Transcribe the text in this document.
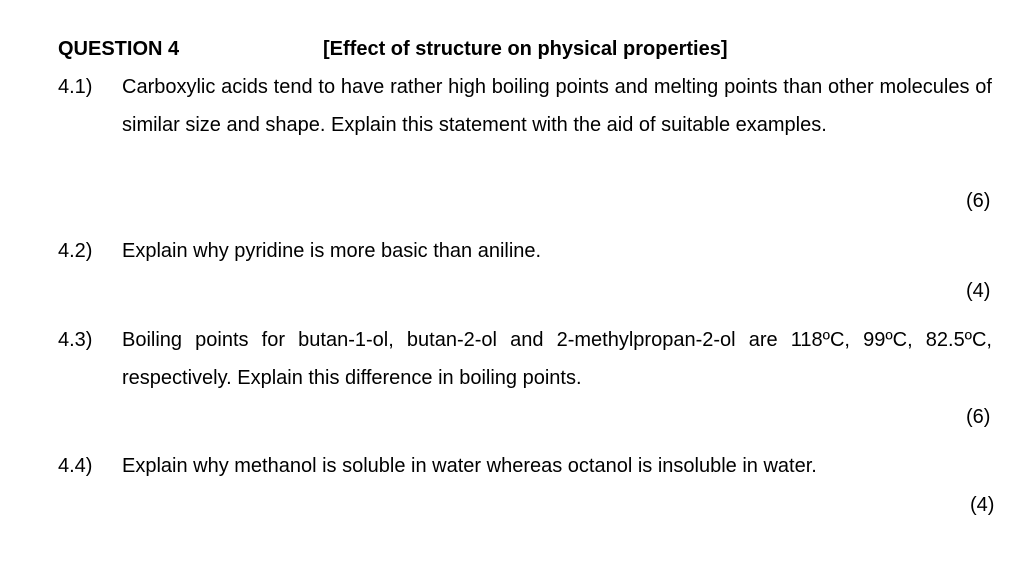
QUESTION 4	[Effect of structure on physical properties]
4.1) Carboxylic acids tend to have rather high boiling points and melting points than other molecules of similar size and shape. Explain this statement with the aid of suitable examples.

(6)
4.2) Explain why pyridine is more basic than aniline.

(4)
4.3) Boiling points for butan-1-ol, butan-2-ol and 2-methylpropan-2-ol are 118ºC, 99ºC, 82.5ºC, respectively. Explain this difference in boiling points.

(6)
4.4) Explain why methanol is soluble in water whereas octanol is insoluble in water.

(4)
